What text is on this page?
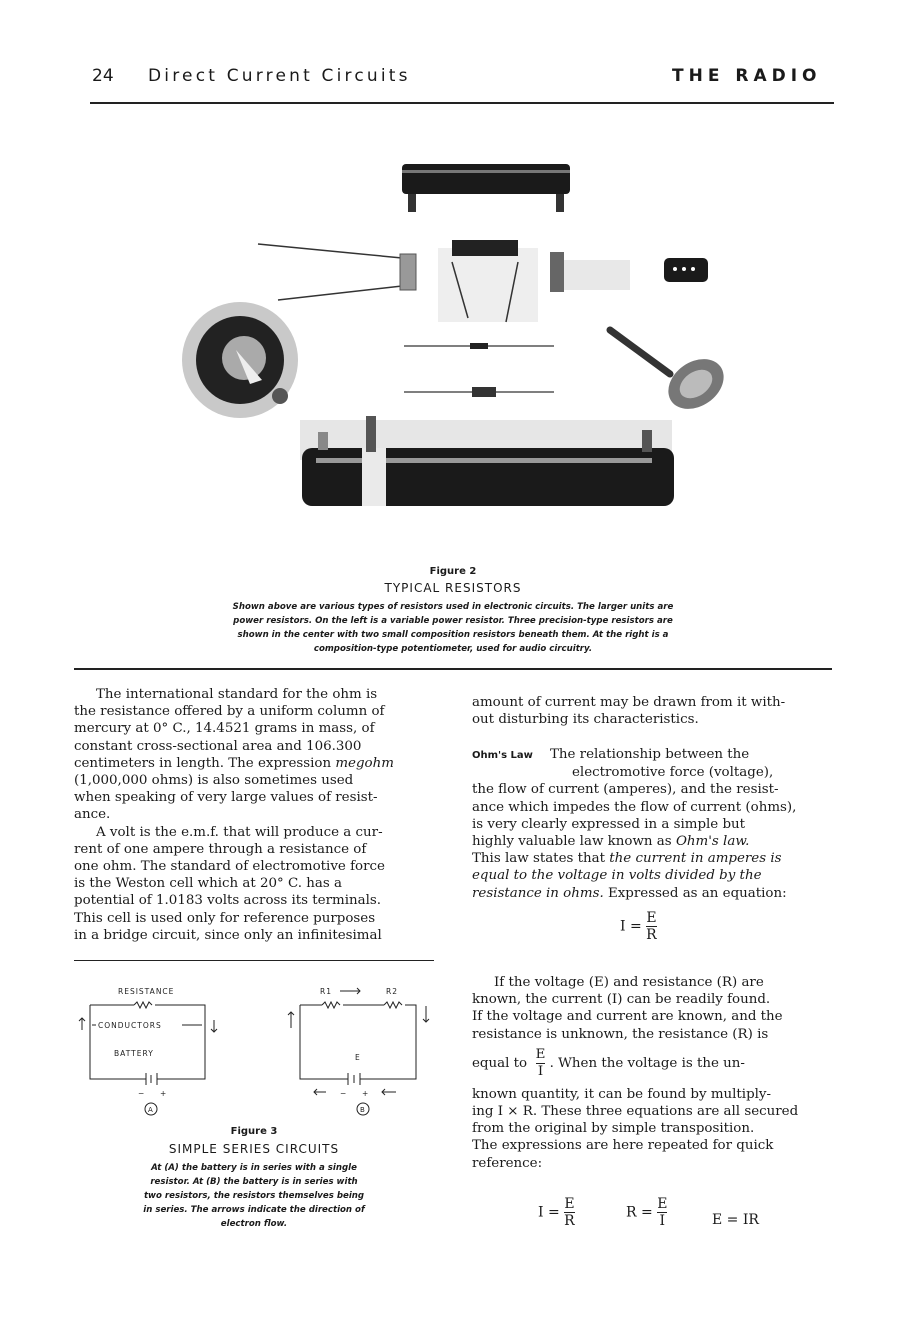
24 Direct Current Circuits	THE RADIO
Figure 2
TYPICAL RESISTORS
Shown above are various types of resistors used in electronic circuits. The larger units are
power resistors. On the left is a variable power resistor. Three precision-type resistors are
shown in the center with two small composition resistors beneath them. At the right is a
composition-type potentiometer, used for audio circuitry.

The international standard for the ohm is

the resistance offered by a uniform column of

mercury at 0° C., 14.4521 grams in mass, of

constant cross-sectional area and 106.300

centimeters in length. The expression megohm

(1,000,000 ohms) is also sometimes used

when speaking of very large values of resist-

ance.

A volt is the e.m.f. that will produce a cur-

rent of one ampere through a resistance of

one ohm. The standard of electromotive force

is the Weston cell which at 20° C. has a

potential of 1.0183 volts across its terminals.

This cell is used only for reference purposes

in a bridge circuit, since only an infinitesimal

RESISTANCE
CONDUCTORS
BATTERY
− +
A
R1	R2
E
− +
B
Figure 3
SIMPLE SERIES CIRCUITS
At (A) the battery is in series with a single
resistor. At (B) the battery is in series with
two resistors, the resistors themselves being
in series. The arrows indicate the direction of
electron flow.

amount of current may be drawn from it with-

out disturbing its characteristics.

Ohm's Law The relationship between the

electromotive force (voltage),

the flow of current (amperes), and the resist-

ance which impedes the flow of current (ohms),

is very clearly expressed in a simple but

highly valuable law known as Ohm's law.

This law states that the current in amperes is

equal to the voltage in volts divided by the

resistance in ohms. Expressed as an equation:

$I = \frac{E}{R}$

If the voltage (E) and resistance (R) are

known, the current (I) can be readily found.

If the voltage and current are known, and the

resistance is unknown, the resistance (R) is

equal to $\frac{E}{I}$ . When the voltage is the un-

known quantity, it can be found by multiply-

ing I × R. These three equations are all secured

from the original by simple transposition.

The expressions are here repeated for quick

reference:

$I = \frac{E}{R}$	$R = \frac{E}{I}$	E = IR
